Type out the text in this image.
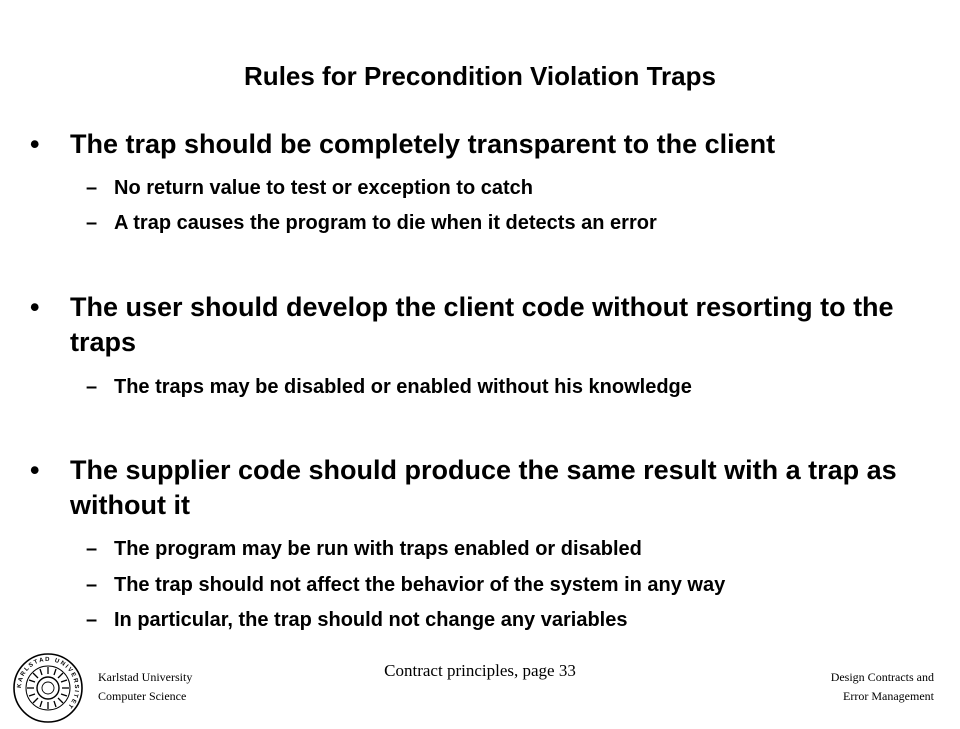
Rules for Precondition Violation Traps
•	The trap should be completely transparent to the client
– No return value to test or exception to catch
– A trap causes the program to die when it detects an error
•	The user should develop the client code without resorting to the traps
– The traps may be disabled or enabled without his knowledge
•	The supplier code should produce the same result with a trap as without it
– The program may be run with traps enabled or disabled
– The trap should not affect the behavior of the system in any way
– In particular, the trap should not change any variables
KARLSTAD UNIVERSITET
Karlstad University
Computer Science
Contract principles, page 33	Design Contracts and
Error Management
